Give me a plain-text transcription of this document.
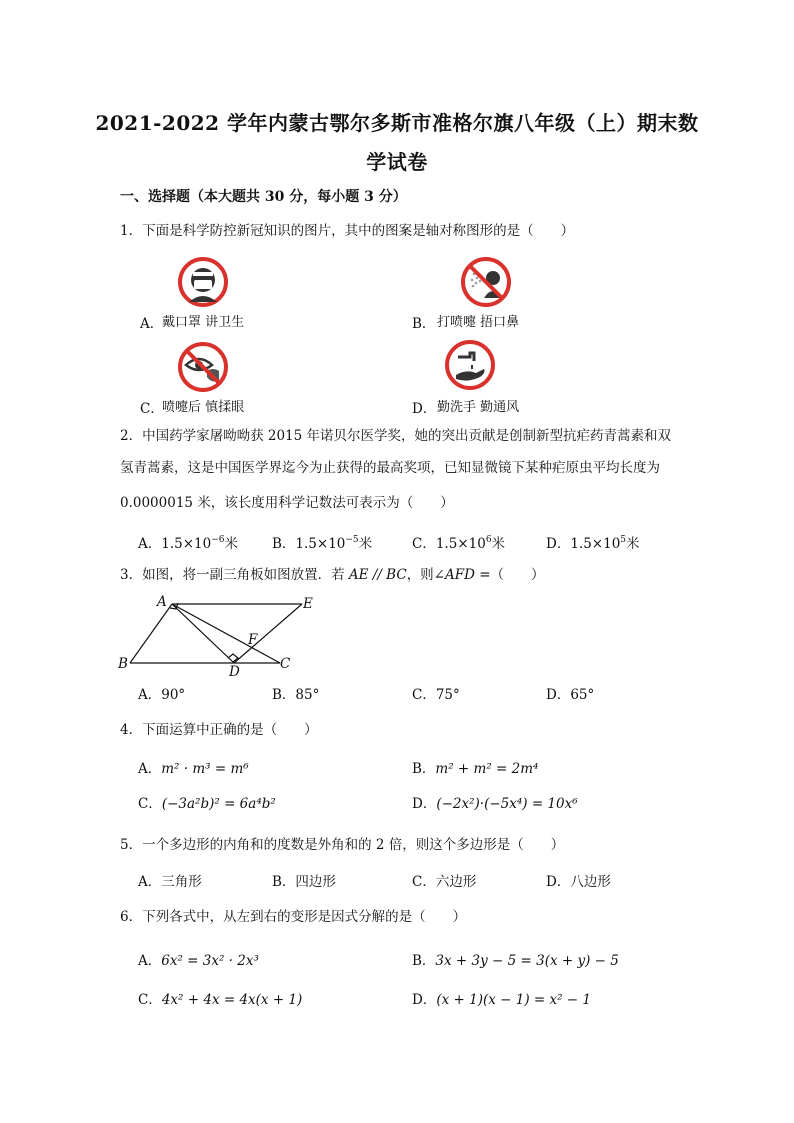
2021-2022 学年内蒙古鄂尔多斯市准格尔旗八年级（上）期末数
学试卷
一、选择题（本大题共 30 分，每小题 3 分）
1．下面是科学防控新冠知识的图片，其中的图案是轴对称图形的是（　　）
A．
戴口罩 讲卫生	B． 打喷嚏 捂口鼻
C．
喷嚏后 慎揉眼	D． 勤洗手 勤通风
2．中国药学家屠呦呦获 2015 年诺贝尔医学奖，她的突出贡献是创制新型抗疟药青蒿素和双
氢青蒿素，这是中国医学界迄今为止获得的最高奖项，已知显微镜下某种疟原虫平均长度为
0.0000015 米，该长度用科学记数法可表示为（　　）
A．$1.5\times 10^{-6}$米	B．$1.5\times 10^{-5}$米	C．$1.5\times 10^6$米	D．$1.5\times 10^5$米
3．如图，将一副三角板如图放置．若 AE // BC，则∠AFD =（　　）
A	E
F
B	D	C
A．90°	B．85°	C．75°	D．65°
4．下面运算中正确的是（　　）
A．m² · m³ = m⁶	B．m² + m² = 2m⁴
C．(−3a²b)² = 6a⁴b²	D．(−2x²)·(−5x⁴) = 10x⁶
5．一个多边形的内角和的度数是外角和的 2 倍，则这个多边形是（　　）
A．三角形	B．四边形	C．六边形	D．八边形
6．下列各式中，从左到右的变形是因式分解的是（　　）
A．6x² = 3x² · 2x³	B．3x + 3y − 5 = 3(x + y) − 5
C．4x² + 4x = 4x(x + 1)	D．(x + 1)(x − 1) = x² − 1
